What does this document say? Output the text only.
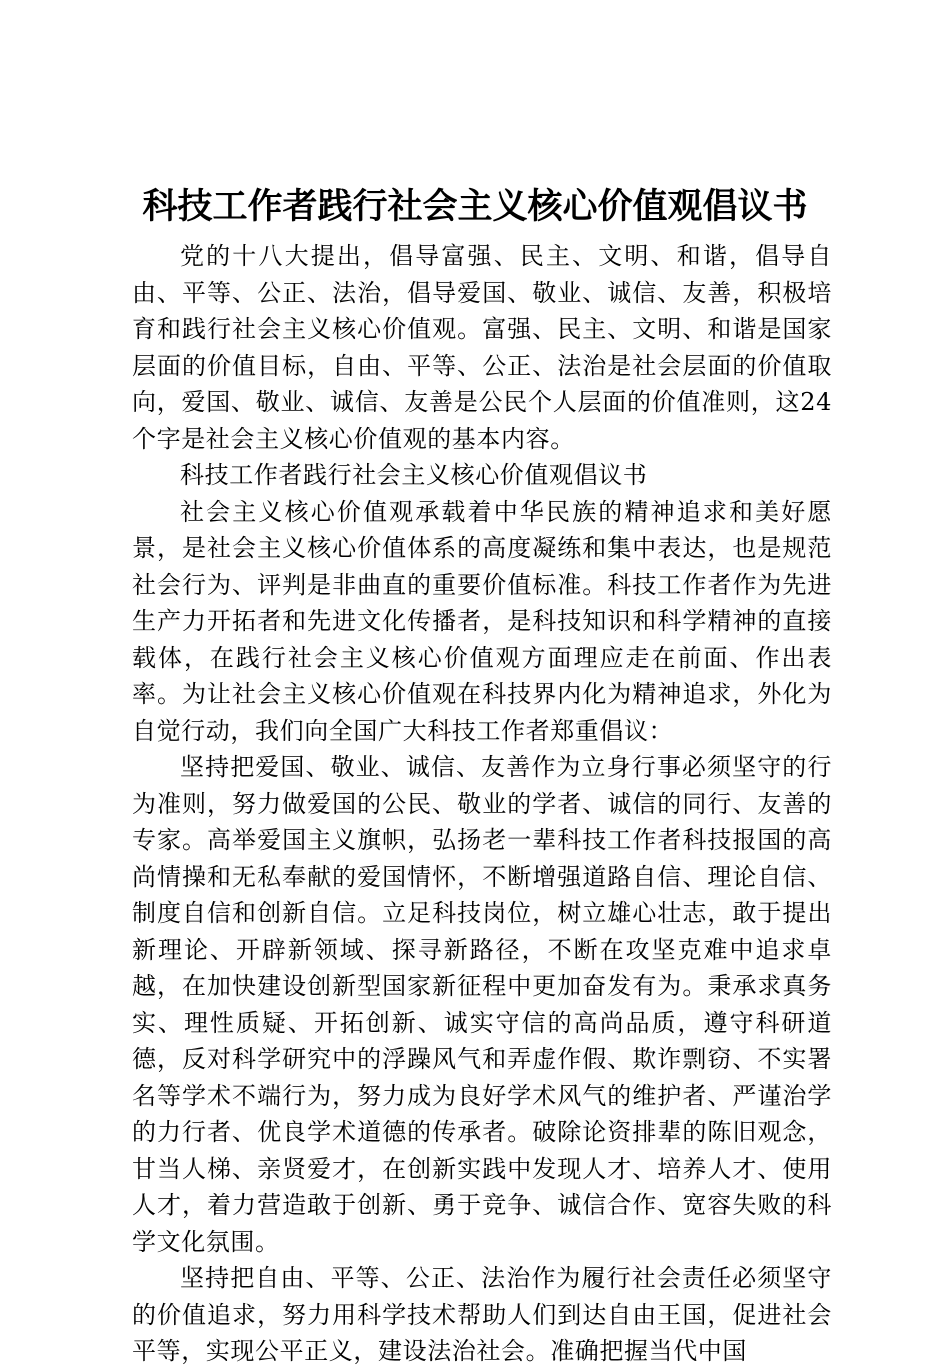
科技工作者践行社会主义核心价值观倡议书

党的十八大提出，倡导富强、民主、文明、和谐，倡导自由、平等、公正、法治，倡导爱国、敬业、诚信、友善，积极培育和践行社会主义核心价值观。富强、民主、文明、和谐是国家层面的价值目标，自由、平等、公正、法治是社会层面的价值取向，爱国、敬业、诚信、友善是公民个人层面的价值准则，这24个字是社会主义核心价值观的基本内容。

科技工作者践行社会主义核心价值观倡议书

社会主义核心价值观承载着中华民族的精神追求和美好愿景，是社会主义核心价值体系的高度凝练和集中表达，也是规范社会行为、评判是非曲直的重要价值标准。科技工作者作为先进生产力开拓者和先进文化传播者，是科技知识和科学精神的直接载体，在践行社会主义核心价值观方面理应走在前面、作出表率。为让社会主义核心价值观在科技界内化为精神追求，外化为自觉行动，我们向全国广大科技工作者郑重倡议：

坚持把爱国、敬业、诚信、友善作为立身行事必须坚守的行为准则，努力做爱国的公民、敬业的学者、诚信的同行、友善的专家。高举爱国主义旗帜，弘扬老一辈科技工作者科技报国的高尚情操和无私奉献的爱国情怀，不断增强道路自信、理论自信、制度自信和创新自信。立足科技岗位，树立雄心壮志，敢于提出新理论、开辟新领域、探寻新路径，不断在攻坚克难中追求卓越，在加快建设创新型国家新征程中更加奋发有为。秉承求真务实、理性质疑、开拓创新、诚实守信的高尚品质，遵守科研道德，反对科学研究中的浮躁风气和弄虚作假、欺诈剽窃、不实署名等学术不端行为，努力成为良好学术风气的维护者、严谨治学的力行者、优良学术道德的传承者。破除论资排辈的陈旧观念，甘当人梯、亲贤爱才，在创新实践中发现人才、培养人才、使用人才，着力营造敢于创新、勇于竞争、诚信合作、宽容失败的科学文化氛围。

坚持把自由、平等、公正、法治作为履行社会责任必须坚守的价值追求，努力用科学技术帮助人们到达自由王国，促进社会平等，实现公平正义，建设法治社会。准确把握当代中国
